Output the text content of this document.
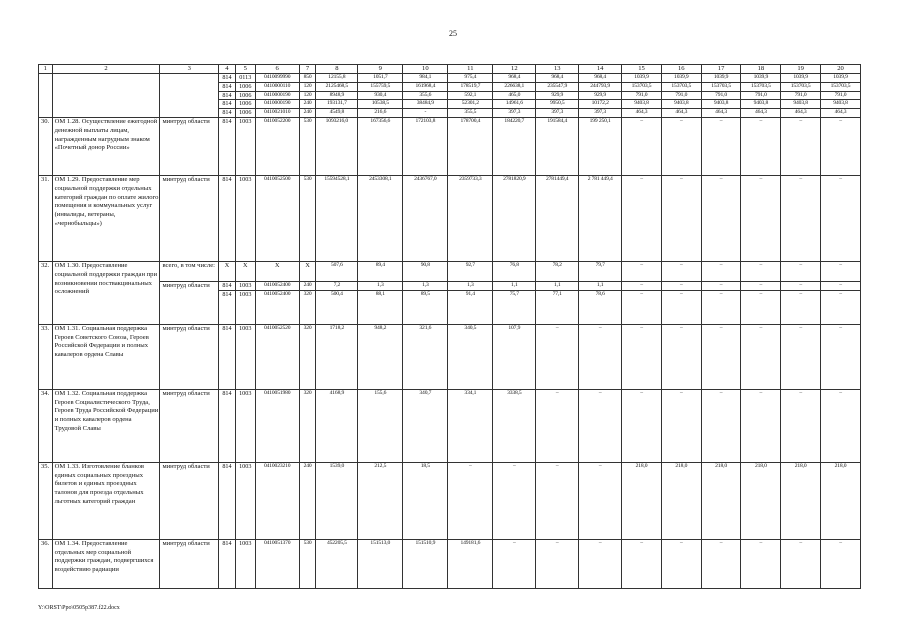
25
1	2	3	4	5	6	7	8	9	10	11	12	13	14	15	16	17	18	19	20
			814	0113	0410099990	850	12155,8	1051,7	984,1	975,4	968,4	968,4	968,4	1039,9	1039,9	1039,9	1039,9	1039,9	1039,9
			814	1006	0410000110	120	2125468,5	155759,5	161968,4	178519,7	226638,1	235547,9	244793,9	153703,5	153703,5	153703,5	153703,5	153703,5	153703,5
			814	1006	0410000190	120	8948,9	930,4	355,6	592,1	465,0	929,9	929,9	791,0	791,0	791,0	791,0	791,0	791,0
			814	1006	0410000190	240	193131,7	10538,5	38484,9	52301,2	14961,6	9950,5	10172,2	9403,8	9403,8	9403,8	9403,8	9403,8	9403,8
			814	1006	0410021010	240	4549,8	216,6	-	355,5	397,3	397,3	397,3	464,3	464,3	464,3	464,3	464,3	464,3
30.	ОМ 1.28. Осуществление ежегодной денежной выплаты лицам, награжденным нагрудным знаком «Почетный донор России»	минтруд области	814	1003	0410052200	530	1093216,0	167356,6	172103,8	178700,4	184220,7	191584,4	199 250,1	–	–	–	–	–	–
31.	ОМ 1.29. Предоставление мер социальной поддержки отдельных категорий граждан по оплате жилого помещения и коммунальных услуг (инвалиды, ветераны, «чернобыльцы»)	минтруд области	814	1003	0410052500	530	15594528,1	2453308,1	2436767,0	2359733,3	2781820,9	2781449,4	2 781 449,4	–	–	–	–	–	–
32.	ОМ 1.30. Предоставление социальной поддержки граждан при возникновении поствакцинальных осложнений	всего, в том числе:	X	X	X	X	507,6	89,4	90,8	92,7	76,8	78,2	79,7	–	–	–	–	–	–
		минтруд области	814	1003	0410052400	240	7,2	1,3	1,3	1,3	1,1	1,1	1,1	–	–	–	–	–	–
			814	1003	0410052400	320	500,4	88,1	89,5	91,4	75,7	77,1	78,6	–	–	–	–	–	–
33.	ОМ 1.31. Социальная поддержка Героев Советского Союза, Героев Российской Федерации и полных кавалеров ордена Славы	минтруд области	814	1003	0410052520	320	1718,2	948,2	321,6	340,5	107,9	–	–	–	–	–	–	–	–
34.	ОМ 1.32. Социальная поддержка Героев Социалистического Труда, Героев Труда Российской Федерации и полных кавалеров ордена Трудовой Славы	минтруд области	814	1003	0410051980	320	4168,9	155,6	340,7	334,1	3338,5	–	–	–	–	–	–	–	–
35.	ОМ 1.33. Изготовление бланков единых социальных проездных билетов и единых проездных талонов для проезда отдельных льготных категорий граждан	минтруд области	814	1003	0410023210	240	1539,0	212,5	18,5	–	–	–	–	218,0	218,0	218,0	218,0	218,0	218,0
36.	ОМ 1.34. Предоставление отдельных мер социальной поддержки граждан, подвергшихся воздействию радиации	минтруд области	814	1003	0410051370	530	452205,5	151513,0	151510,9	149181,6	–	–	–	–	–	–	–	–	–
Y:\ORST\Ppo\0505p387.f22.docx
